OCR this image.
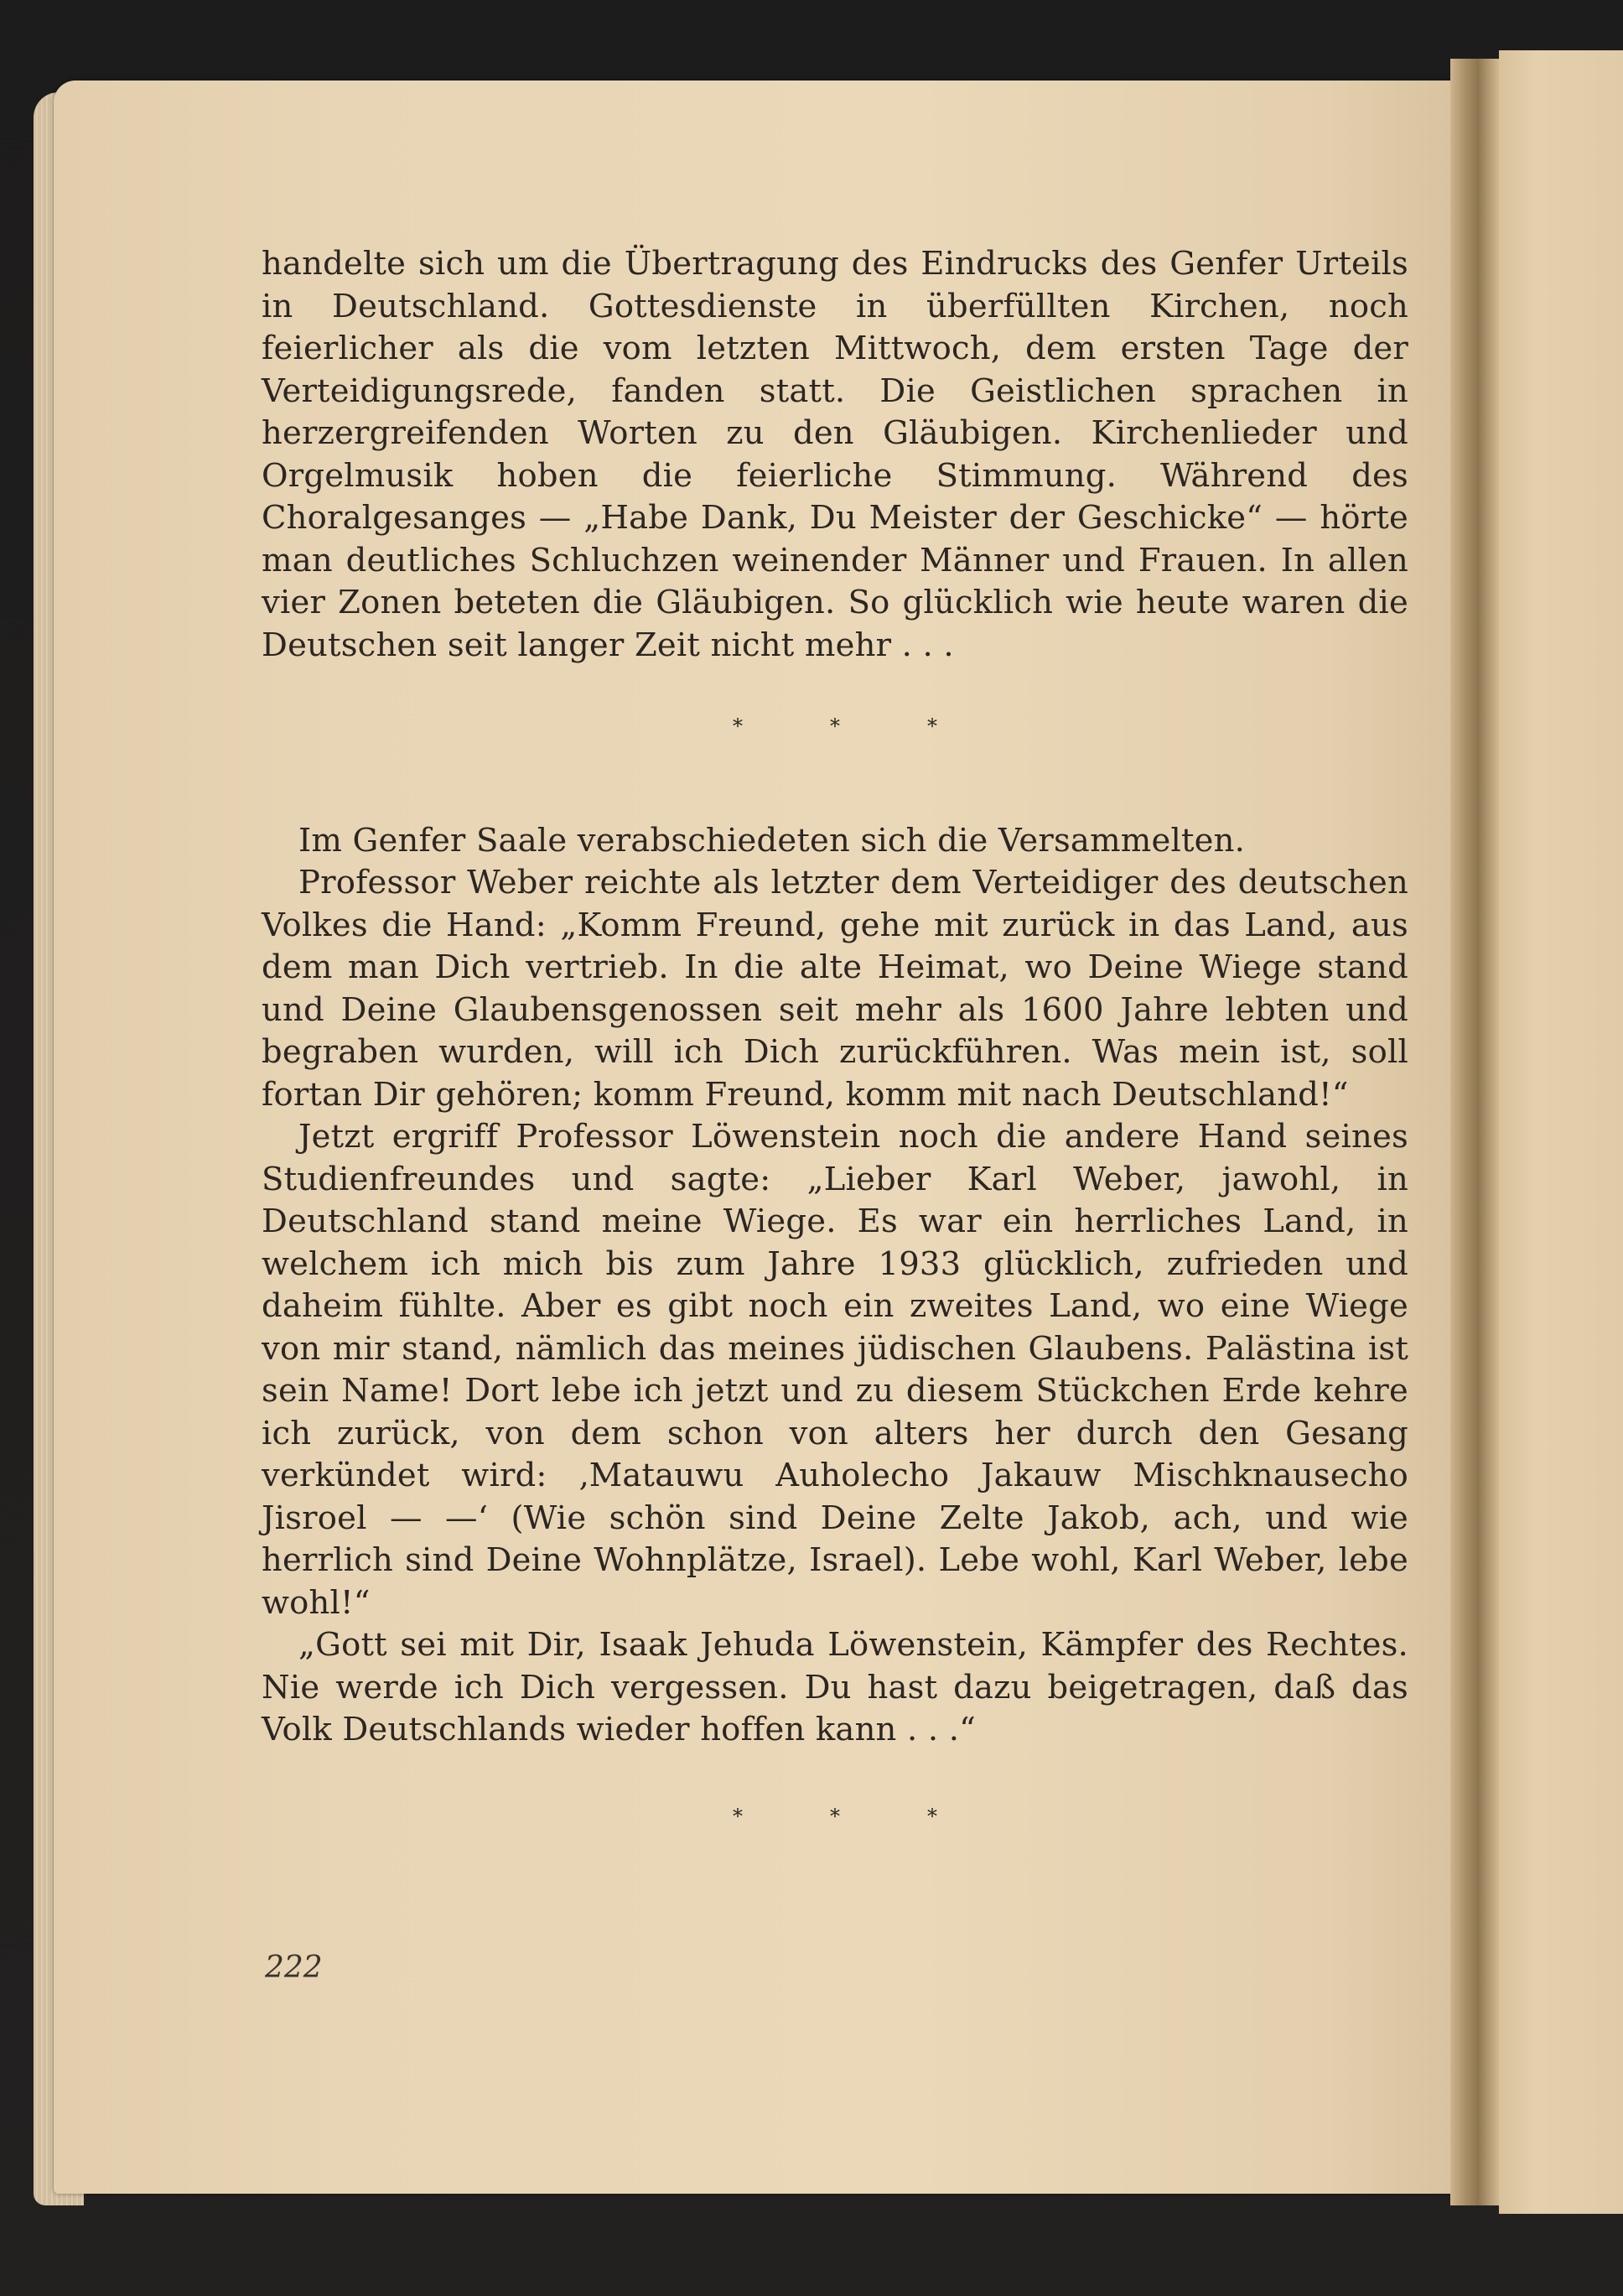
handelte sich um die Übertragung des Eindrucks des Genfer Urteils in Deutschland. Gottesdienste in überfüllten Kirchen, noch feierlicher als die vom letzten Mittwoch, dem ersten Tage der Verteidigungsrede, fanden statt. Die Geistlichen sprachen in herzergreifenden Worten zu den Gläubigen. Kirchenlieder und Orgelmusik hoben die feierliche Stimmung. Während des Choralgesanges — „Habe Dank, Du Meister der Geschicke“ — hörte man deutliches Schluchzen weinender Männer und Frauen. In allen vier Zonen beteten die Gläubigen. So glücklich wie heute waren die Deutschen seit langer Zeit nicht mehr . . .

*	*	*

Im Genfer Saale verabschiedeten sich die Versammelten.

Professor Weber reichte als letzter dem Verteidiger des deutschen Volkes die Hand: „Komm Freund, gehe mit zurück in das Land, aus dem man Dich vertrieb. In die alte Heimat, wo Deine Wiege stand und Deine Glaubensgenossen seit mehr als 1600 Jahre lebten und begraben wurden, will ich Dich zurückführen. Was mein ist, soll fortan Dir gehören; komm Freund, komm mit nach Deutschland!“

Jetzt ergriff Professor Löwenstein noch die andere Hand seines Studienfreundes und sagte: „Lieber Karl Weber, jawohl, in Deutschland stand meine Wiege. Es war ein herrliches Land, in welchem ich mich bis zum Jahre 1933 glücklich, zufrieden und daheim fühlte. Aber es gibt noch ein zweites Land, wo eine Wiege von mir stand, nämlich das meines jüdischen Glaubens. Palästina ist sein Name! Dort lebe ich jetzt und zu diesem Stückchen Erde kehre ich zurück, von dem schon von alters her durch den Gesang verkündet wird: ‚Matauwu Auholecho Jakauw Mischknausecho Jisroel — —‘ (Wie schön sind Deine Zelte Jakob, ach, und wie herrlich sind Deine Wohnplätze, Israel). Lebe wohl, Karl Weber, lebe wohl!“

„Gott sei mit Dir, Isaak Jehuda Löwenstein, Kämpfer des Rechtes. Nie werde ich Dich vergessen. Du hast dazu beigetragen, daß das Volk Deutschlands wieder hoffen kann . . .“

*	*	*
222
